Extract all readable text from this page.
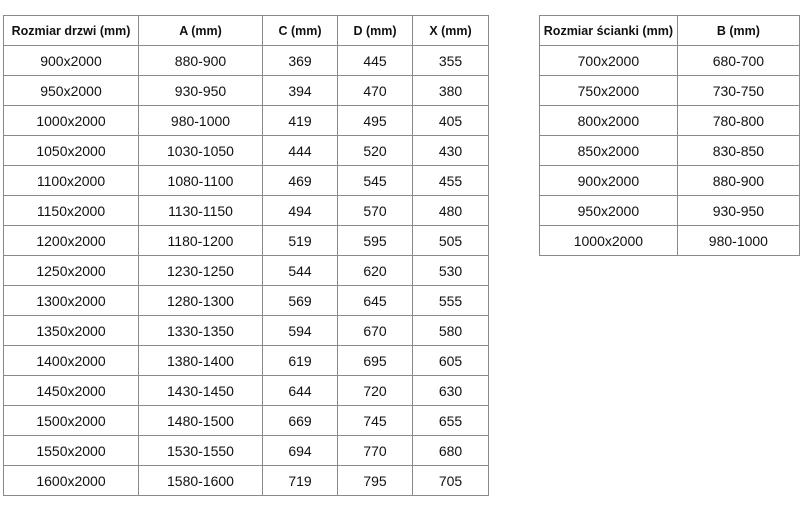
Rozmiar drzwi (mm)	A (mm)	C (mm)	D (mm)	X (mm)
900x2000	880-900	369	445	355
950x2000	930-950	394	470	380
1000x2000	980-1000	419	495	405
1050x2000	1030-1050	444	520	430
1100x2000	1080-1100	469	545	455
1150x2000	1130-1150	494	570	480
1200x2000	1180-1200	519	595	505
1250x2000	1230-1250	544	620	530
1300x2000	1280-1300	569	645	555
1350x2000	1330-1350	594	670	580
1400x2000	1380-1400	619	695	605
1450x2000	1430-1450	644	720	630
1500x2000	1480-1500	669	745	655
1550x2000	1530-1550	694	770	680
1600x2000	1580-1600	719	795	705
Rozmiar ścianki (mm)	B (mm)
700x2000	680-700
750x2000	730-750
800x2000	780-800
850x2000	830-850
900x2000	880-900
950x2000	930-950
1000x2000	980-1000
